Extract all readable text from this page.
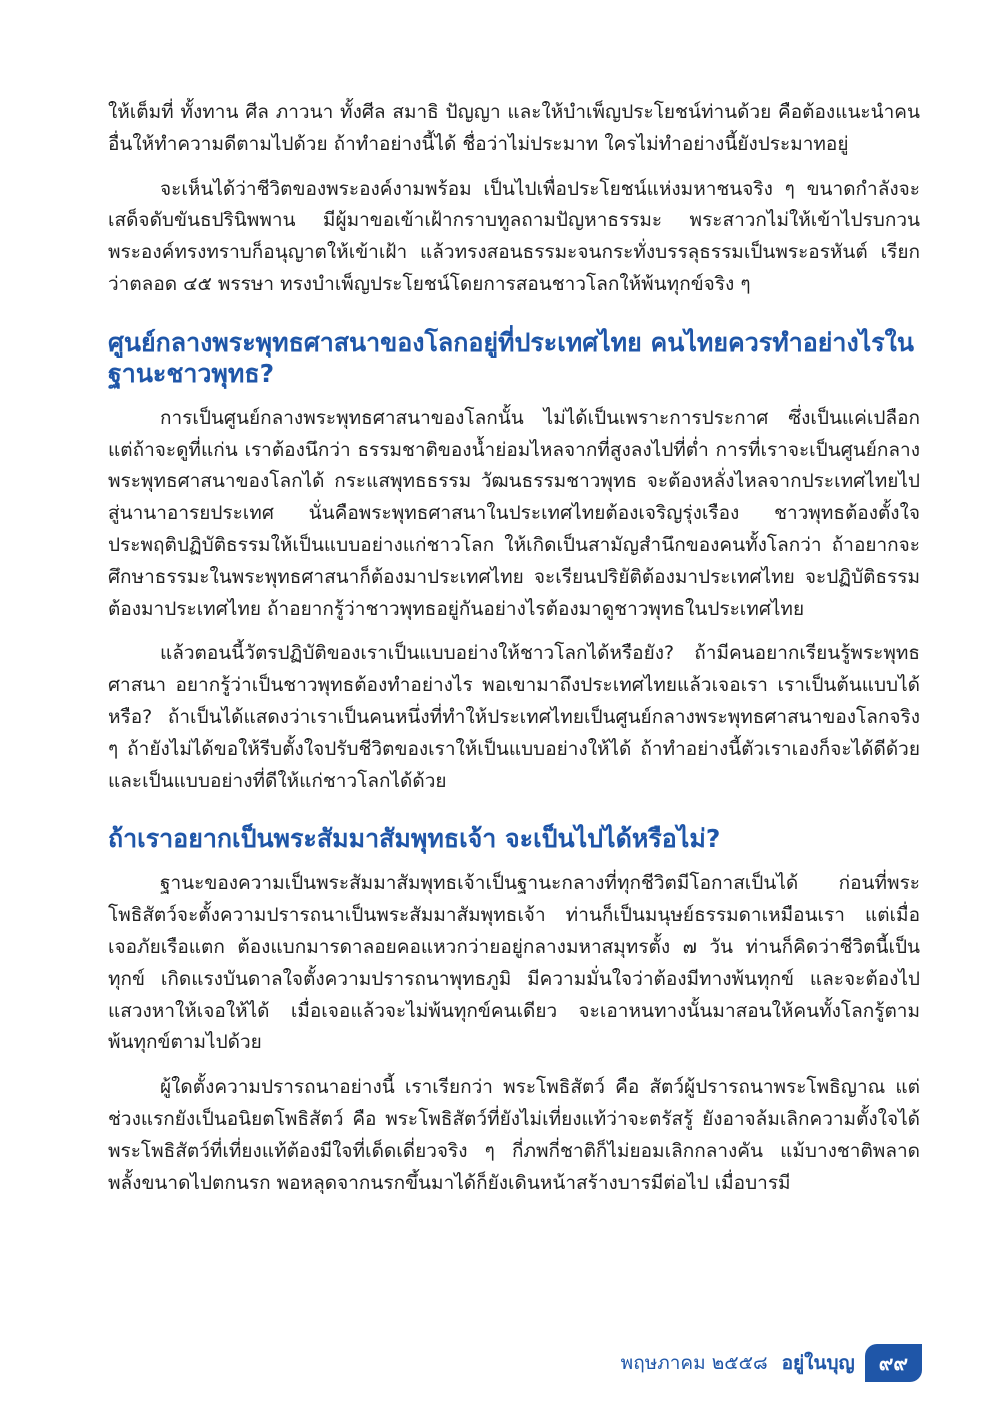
ให้เต็มที่ ทั้งทาน ศีล ภาวนา ทั้งศีล สมาธิ ปัญญา และให้บำเพ็ญประโยชน์ท่านด้วย คือต้องแนะนำคนอื่นให้ทำความดีตามไปด้วย ถ้าทำอย่างนี้ได้ ชื่อว่าไม่ประมาท ใครไม่ทำอย่างนี้ยังประมาทอยู่

จะเห็นได้ว่าชีวิตของพระองค์งามพร้อม เป็นไปเพื่อประโยชน์แห่งมหาชนจริง ๆ ขนาดกำลังจะเสด็จดับขันธปรินิพพาน มีผู้มาขอเข้าเฝ้ากราบทูลถามปัญหาธรรมะ พระสาวกไม่ให้เข้าไปรบกวน พระองค์ทรงทราบก็อนุญาตให้เข้าเฝ้า แล้วทรงสอนธรรมะจนกระทั่งบรรลุธรรมเป็นพระอรหันต์ เรียกว่าตลอด ๔๕ พรรษา ทรงบำเพ็ญประโยชน์โดยการสอนชาวโลกให้พ้นทุกข์จริง ๆ

ศูนย์กลางพระพุทธศาสนาของโลกอยู่ที่ประเทศไทย คนไทยควรทำอย่างไรในฐานะชาวพุทธ?

การเป็นศูนย์กลางพระพุทธศาสนาของโลกนั้น ไม่ได้เป็นเพราะการประกาศ ซึ่งเป็นแค่เปลือก แต่ถ้าจะดูที่แก่น เราต้องนึกว่า ธรรมชาติของน้ำย่อมไหลจากที่สูงลงไปที่ต่ำ การที่เราจะเป็นศูนย์กลางพระพุทธศาสนาของโลกได้ กระแสพุทธธรรม วัฒนธรรมชาวพุทธ จะต้องหลั่งไหลจากประเทศไทยไปสู่นานาอารยประเทศ นั่นคือพระพุทธศาสนาในประเทศไทยต้องเจริญรุ่งเรือง ชาวพุทธต้องตั้งใจประพฤติปฏิบัติธรรมให้เป็นแบบอย่างแก่ชาวโลก ให้เกิดเป็นสามัญสำนึกของคนทั้งโลกว่า ถ้าอยากจะศึกษาธรรมะในพระพุทธศาสนาก็ต้องมาประเทศไทย จะเรียนปริยัติต้องมาประเทศไทย จะปฏิบัติธรรมต้องมาประเทศไทย ถ้าอยากรู้ว่าชาวพุทธอยู่กันอย่างไรต้องมาดูชาวพุทธในประเทศไทย

แล้วตอนนี้วัตรปฏิบัติของเราเป็นแบบอย่างให้ชาวโลกได้หรือยัง? ถ้ามีคนอยากเรียนรู้พระพุทธศาสนา อยากรู้ว่าเป็นชาวพุทธต้องทำอย่างไร พอเขามาถึงประเทศไทยแล้วเจอเรา เราเป็นต้นแบบได้หรือ? ถ้าเป็นได้แสดงว่าเราเป็นคนหนึ่งที่ทำให้ประเทศไทยเป็นศูนย์กลางพระพุทธศาสนาของโลกจริง ๆ ถ้ายังไม่ได้ขอให้รีบตั้งใจปรับชีวิตของเราให้เป็นแบบอย่างให้ได้ ถ้าทำอย่างนี้ตัวเราเองก็จะได้ดีด้วย และเป็นแบบอย่างที่ดีให้แก่ชาวโลกได้ด้วย

ถ้าเราอยากเป็นพระสัมมาสัมพุทธเจ้า จะเป็นไปได้หรือไม่?

ฐานะของความเป็นพระสัมมาสัมพุทธเจ้าเป็นฐานะกลางที่ทุกชีวิตมีโอกาสเป็นได้ ก่อนที่พระโพธิสัตว์จะตั้งความปรารถนาเป็นพระสัมมาสัมพุทธเจ้า ท่านก็เป็นมนุษย์ธรรมดาเหมือนเรา แต่เมื่อเจอภัยเรือแตก ต้องแบกมารดาลอยคอแหวกว่ายอยู่กลางมหาสมุทรตั้ง ๗ วัน ท่านก็คิดว่าชีวิตนี้เป็นทุกข์ เกิดแรงบันดาลใจตั้งความปรารถนาพุทธภูมิ มีความมั่นใจว่าต้องมีทางพ้นทุกข์ และจะต้องไปแสวงหาให้เจอให้ได้ เมื่อเจอแล้วจะไม่พ้นทุกข์คนเดียว จะเอาหนทางนั้นมาสอนให้คนทั้งโลกรู้ตาม พ้นทุกข์ตามไปด้วย

ผู้ใดตั้งความปรารถนาอย่างนี้ เราเรียกว่า พระโพธิสัตว์ คือ สัตว์ผู้ปรารถนาพระโพธิญาณ แต่ช่วงแรกยังเป็นอนิยตโพธิสัตว์ คือ พระโพธิสัตว์ที่ยังไม่เที่ยงแท้ว่าจะตรัสรู้ ยังอาจล้มเลิกความตั้งใจได้ พระโพธิสัตว์ที่เที่ยงแท้ต้องมีใจที่เด็ดเดี่ยวจริง ๆ กี่ภพกี่ชาติก็ไม่ยอมเลิกกลางคัน แม้บางชาติพลาดพลั้งขนาดไปตกนรก พอหลุดจากนรกขึ้นมาได้ก็ยังเดินหน้าสร้างบารมีต่อไป เมื่อบารมี

พฤษภาคม ๒๕๕๘ อยู่ในบุญ	๙๙
